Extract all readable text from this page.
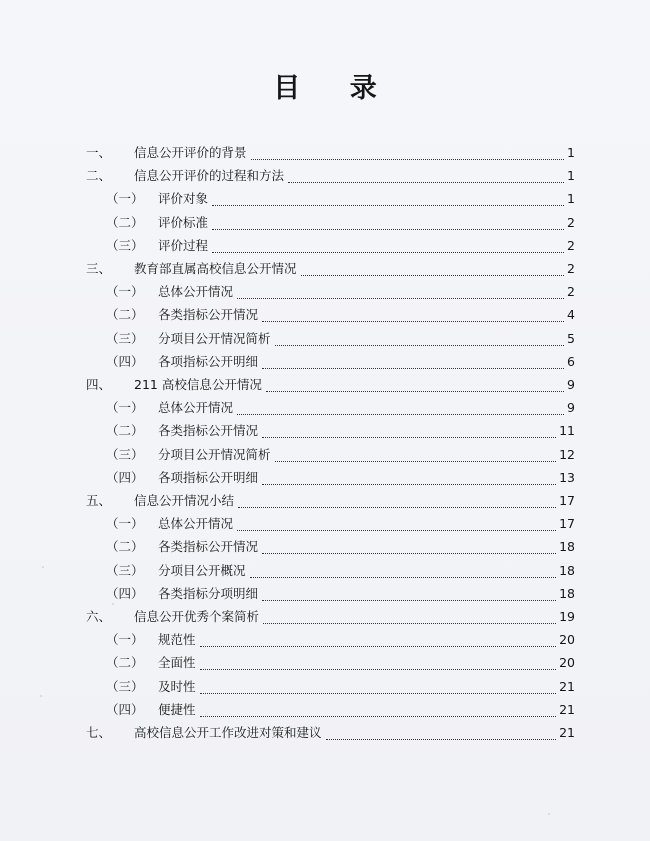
目 录
一、 信息公开评价的背景	1
二、 信息公开评价的过程和方法	1
（一） 评价对象	1
（二） 评价标准	2
（三） 评价过程	2
三、 教育部直属高校信息公开情况	2
（一） 总体公开情况	2
（二） 各类指标公开情况	4
（三） 分项目公开情况简析	5
（四） 各项指标公开明细	6
四、 211 高校信息公开情况	9
（一） 总体公开情况	9
（二） 各类指标公开情况	11
（三） 分项目公开情况简析	12
（四） 各项指标公开明细	13
五、 信息公开情况小结	17
（一） 总体公开情况	17
（二） 各类指标公开情况	18
（三） 分项目公开概况	18
（四） 各类指标分项明细	18
六、 信息公开优秀个案简析	19
（一） 规范性	20
（二） 全面性	20
（三） 及时性	21
（四） 便捷性	21
七、 高校信息公开工作改进对策和建议	21
